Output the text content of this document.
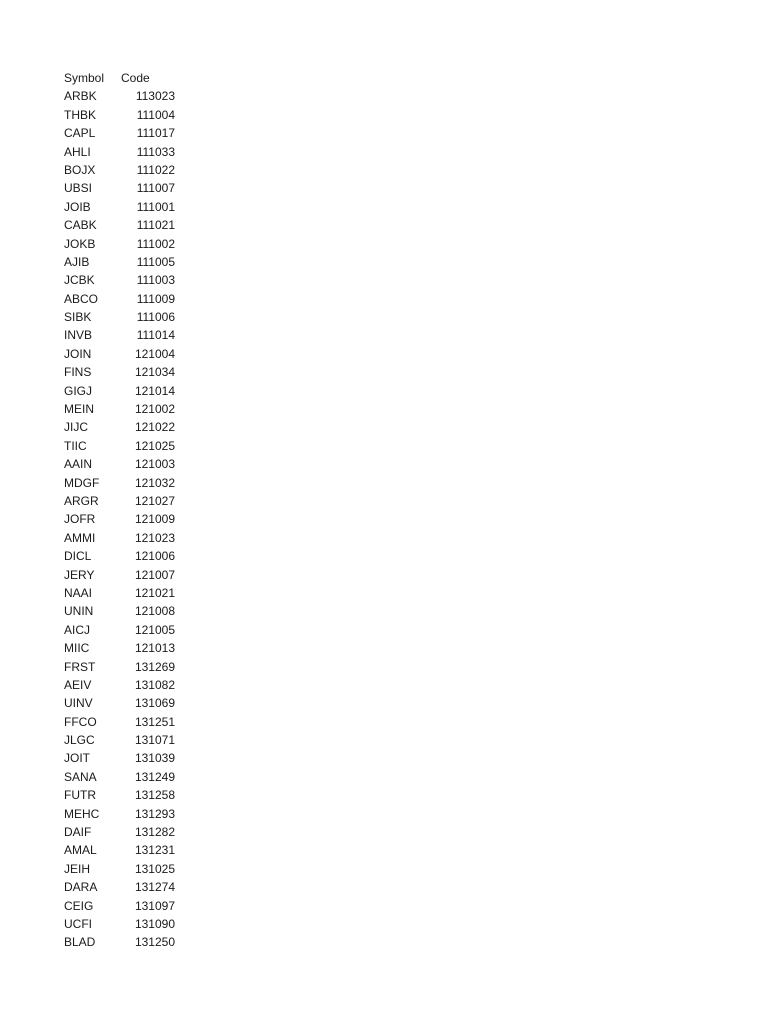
Symbol Code
ARBK	113023
THBK	111004
CAPL	111017
AHLI	111033
BOJX	111022
UBSI	111007
JOIB	111001
CABK	111021
JOKB	111002
AJIB	111005
JCBK	111003
ABCO	111009
SIBK	111006
INVB	111014
JOIN	121004
FINS	121034
GIGJ	121014
MEIN	121002
JIJC	121022
TIIC	121025
AAIN	121003
MDGF	121032
ARGR	121027
JOFR	121009
AMMI	121023
DICL	121006
JERY	121007
NAAI	121021
UNIN	121008
AICJ	121005
MIIC	121013
FRST	131269
AEIV	131082
UINV	131069
FFCO	131251
JLGC	131071
JOIT	131039
SANA	131249
FUTR	131258
MEHC	131293
DAIF	131282
AMAL	131231
JEIH	131025
DARA	131274
CEIG	131097
UCFI	131090
BLAD	131250
